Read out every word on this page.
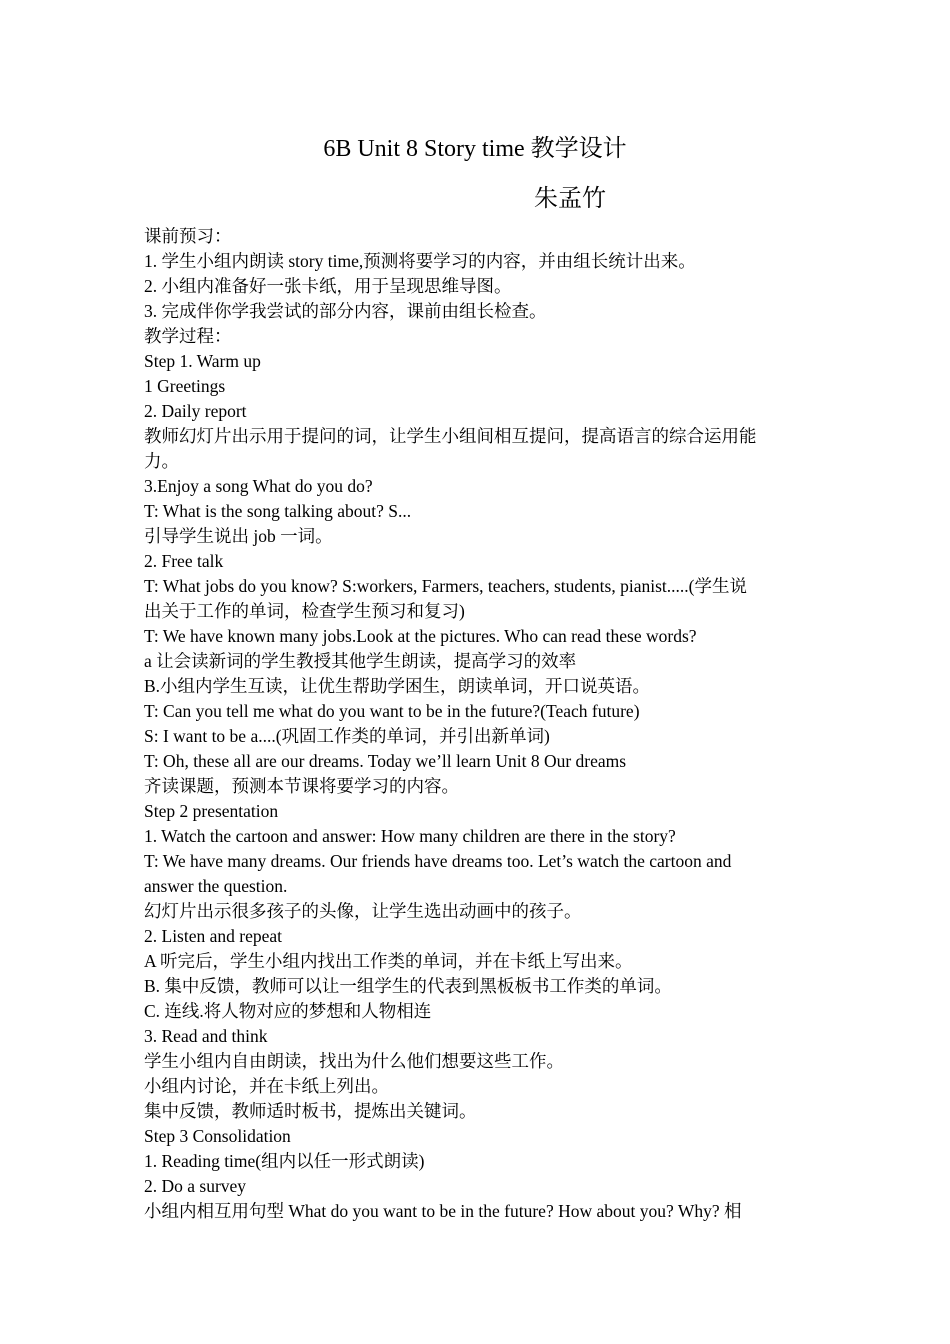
6B Unit 8 Story time 教学设计
朱孟竹
课前预习：
1. 学生小组内朗读 story time,预测将要学习的内容，并由组长统计出来。
2. 小组内准备好一张卡纸，用于呈现思维导图。
3. 完成伴你学我尝试的部分内容，课前由组长检查。
教学过程：
Step 1. Warm up
1 Greetings
2. Daily report
教师幻灯片出示用于提问的词，让学生小组间相互提问，提高语言的综合运用能
力。
3.Enjoy a song What do you do?
T: What is the song talking about? S...
引导学生说出 job 一词。
2. Free talk
T: What jobs do you know? S:workers, Farmers, teachers, students, pianist.....(学生说
出关于工作的单词，检查学生预习和复习)
T: We have known many jobs.Look at the pictures. Who can read these words?
a 让会读新词的学生教授其他学生朗读，提高学习的效率
B.小组内学生互读，让优生帮助学困生，朗读单词，开口说英语。
T: Can you tell me what do you want to be in the future?(Teach future)
S: I want to be a....(巩固工作类的单词，并引出新单词)
T: Oh, these all are our dreams. Today we’ll learn Unit 8 Our dreams
齐读课题，预测本节课将要学习的内容。
Step 2 presentation
1. Watch the cartoon and answer: How many children are there in the story?
T: We have many dreams. Our friends have dreams too. Let’s watch the cartoon and
answer the question.
幻灯片出示很多孩子的头像，让学生选出动画中的孩子。
2. Listen and repeat
A 听完后，学生小组内找出工作类的单词，并在卡纸上写出来。
B. 集中反馈，教师可以让一组学生的代表到黑板板书工作类的单词。
C. 连线.将人物对应的梦想和人物相连
3. Read and think
学生小组内自由朗读，找出为什么他们想要这些工作。
小组内讨论，并在卡纸上列出。
集中反馈，教师适时板书，提炼出关键词。
Step 3 Consolidation
1. Reading time(组内以任一形式朗读)
2. Do a survey
小组内相互用句型 What do you want to be in the future? How about you? Why? 相
